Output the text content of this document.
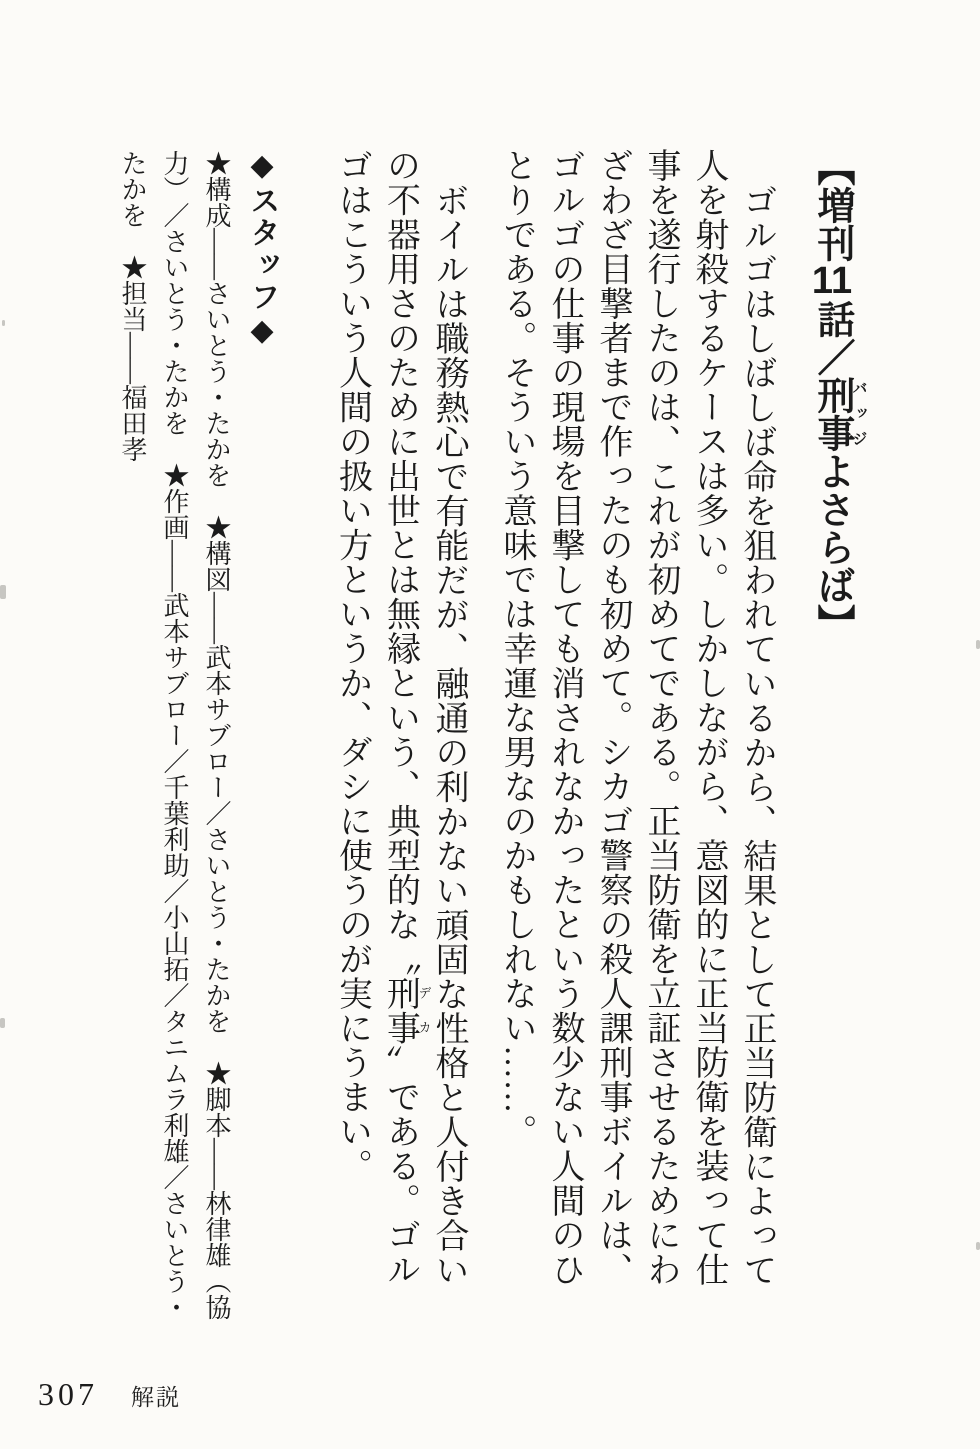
【増刊11話／刑事バッジよさらば】

ゴルゴはしばしば命を狙われているから、結果として正当防衛によって人を射殺するケースは多い。しかしながら、意図的に正当防衛を装って仕事を遂行したのは、これが初めてである。正当防衛を立証させるためにわざわざ目撃者まで作ったのも初めて。シカゴ警察の殺人課刑事ボイルは、ゴルゴの仕事の現場を目撃しても消されなかったという数少ない人間のひとりである。そういう意味では幸運な男なのかもしれない……。

ボイルは職務熱心で有能だが、融通の利かない頑固な性格と人付き合いの不器用さのために出世とは無縁という、典型的な〝刑事デカ〟である。ゴルゴはこういう人間の扱い方というか、ダシに使うのが実にうまい。

◆スタッフ◆

★構成――さいとう・たかを　★構図――武本サブロー／さいとう・たかを　★脚本――林律雄（協力）／さいとう・たかを　★作画――武本サブロー／千葉利助／小山拓／タニムラ利雄／さいとう・たかを　★担当――福田孝

307 解説
